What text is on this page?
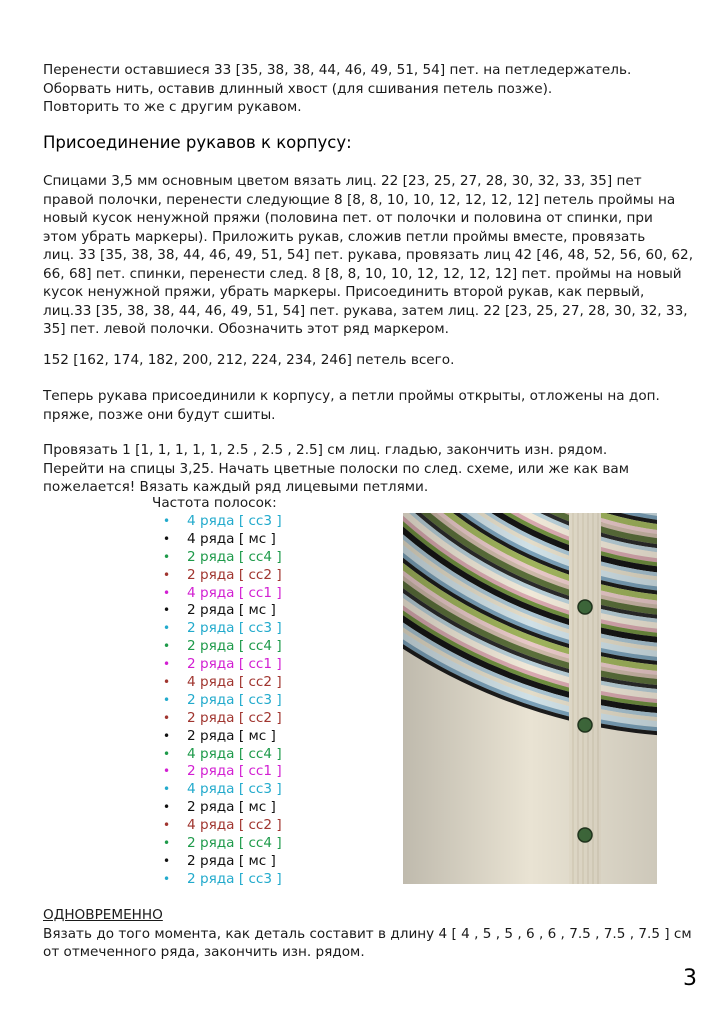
Перенести оставшиеся 33 [35, 38, 38, 44, 46, 49, 51, 54] пет. на петледержатель.
Оборвать нить, оставив длинный хвост (для сшивания петель позже).
Повторить то же с другим рукавом.
Присоединение рукавов к корпусу:
Спицами 3,5 мм основным цветом вязать лиц. 22 [23, 25, 27, 28, 30, 32, 33, 35] пет
правой полочки, перенести следующие 8 [8, 8, 10, 10, 12, 12, 12, 12] петель проймы на
новый кусок ненужной пряжи (половина пет. от полочки и половина от спинки, при
этом убрать маркеры). Приложить рукав, сложив петли проймы вместе, провязать
лиц. 33 [35, 38, 38, 44, 46, 49, 51, 54] пет. рукава, провязать лиц 42 [46, 48, 52, 56, 60, 62,
66, 68] пет. спинки, перенести след. 8 [8, 8, 10, 10, 12, 12, 12, 12] пет. проймы на новый
кусок ненужной пряжи, убрать маркеры. Присоединить второй рукав, как первый,
лиц.33 [35, 38, 38, 44, 46, 49, 51, 54] пет. рукава, затем лиц. 22 [23, 25, 27, 28, 30, 32, 33,
35] пет. левой полочки. Обозначить этот ряд маркером.
152 [162, 174, 182, 200, 212, 224, 234, 246] петель всего.
Теперь рукава присоединили к корпусу, а петли проймы открыты, отложены на доп.
пряже, позже они будут сшиты.
Провязать 1 [1, 1, 1, 1, 1, 2.5 , 2.5 , 2.5] см лиц. гладью, закончить изн. рядом.
Перейти на спицы 3,25. Начать цветные полоски по след. схеме, или же как вам
пожелается! Вязать каждый ряд лицевыми петлями.
Частота полосок:
• 4 ряда [ cc3 ]
• 4 ряда [ мс ]
• 2 ряда [ cc4 ]
• 2 ряда [ cc2 ]
• 4 ряда [ cc1 ]
• 2 ряда [ мс ]
• 2 ряда [ cc3 ]
• 2 ряда [ cc4 ]
• 2 ряда [ cc1 ]
• 4 ряда [ cc2 ]
• 2 ряда [ cc3 ]
• 2 ряда [ cc2 ]
• 2 ряда [ мс ]
• 4 ряда [ cc4 ]
• 2 ряда [ cc1 ]
• 4 ряда [ cc3 ]
• 2 ряда [ мс ]
• 4 ряда [ cc2 ]
• 2 ряда [ cc4 ]
• 2 ряда [ мс ]
• 2 ряда [ cc3 ]
ОДНОВРЕМЕННО
Вязать до того момента, как деталь составит в длину 4 [ 4 , 5 , 5 , 6 , 6 , 7.5 , 7.5 , 7.5 ] см
от отмеченного ряда, закончить изн. рядом.
3
